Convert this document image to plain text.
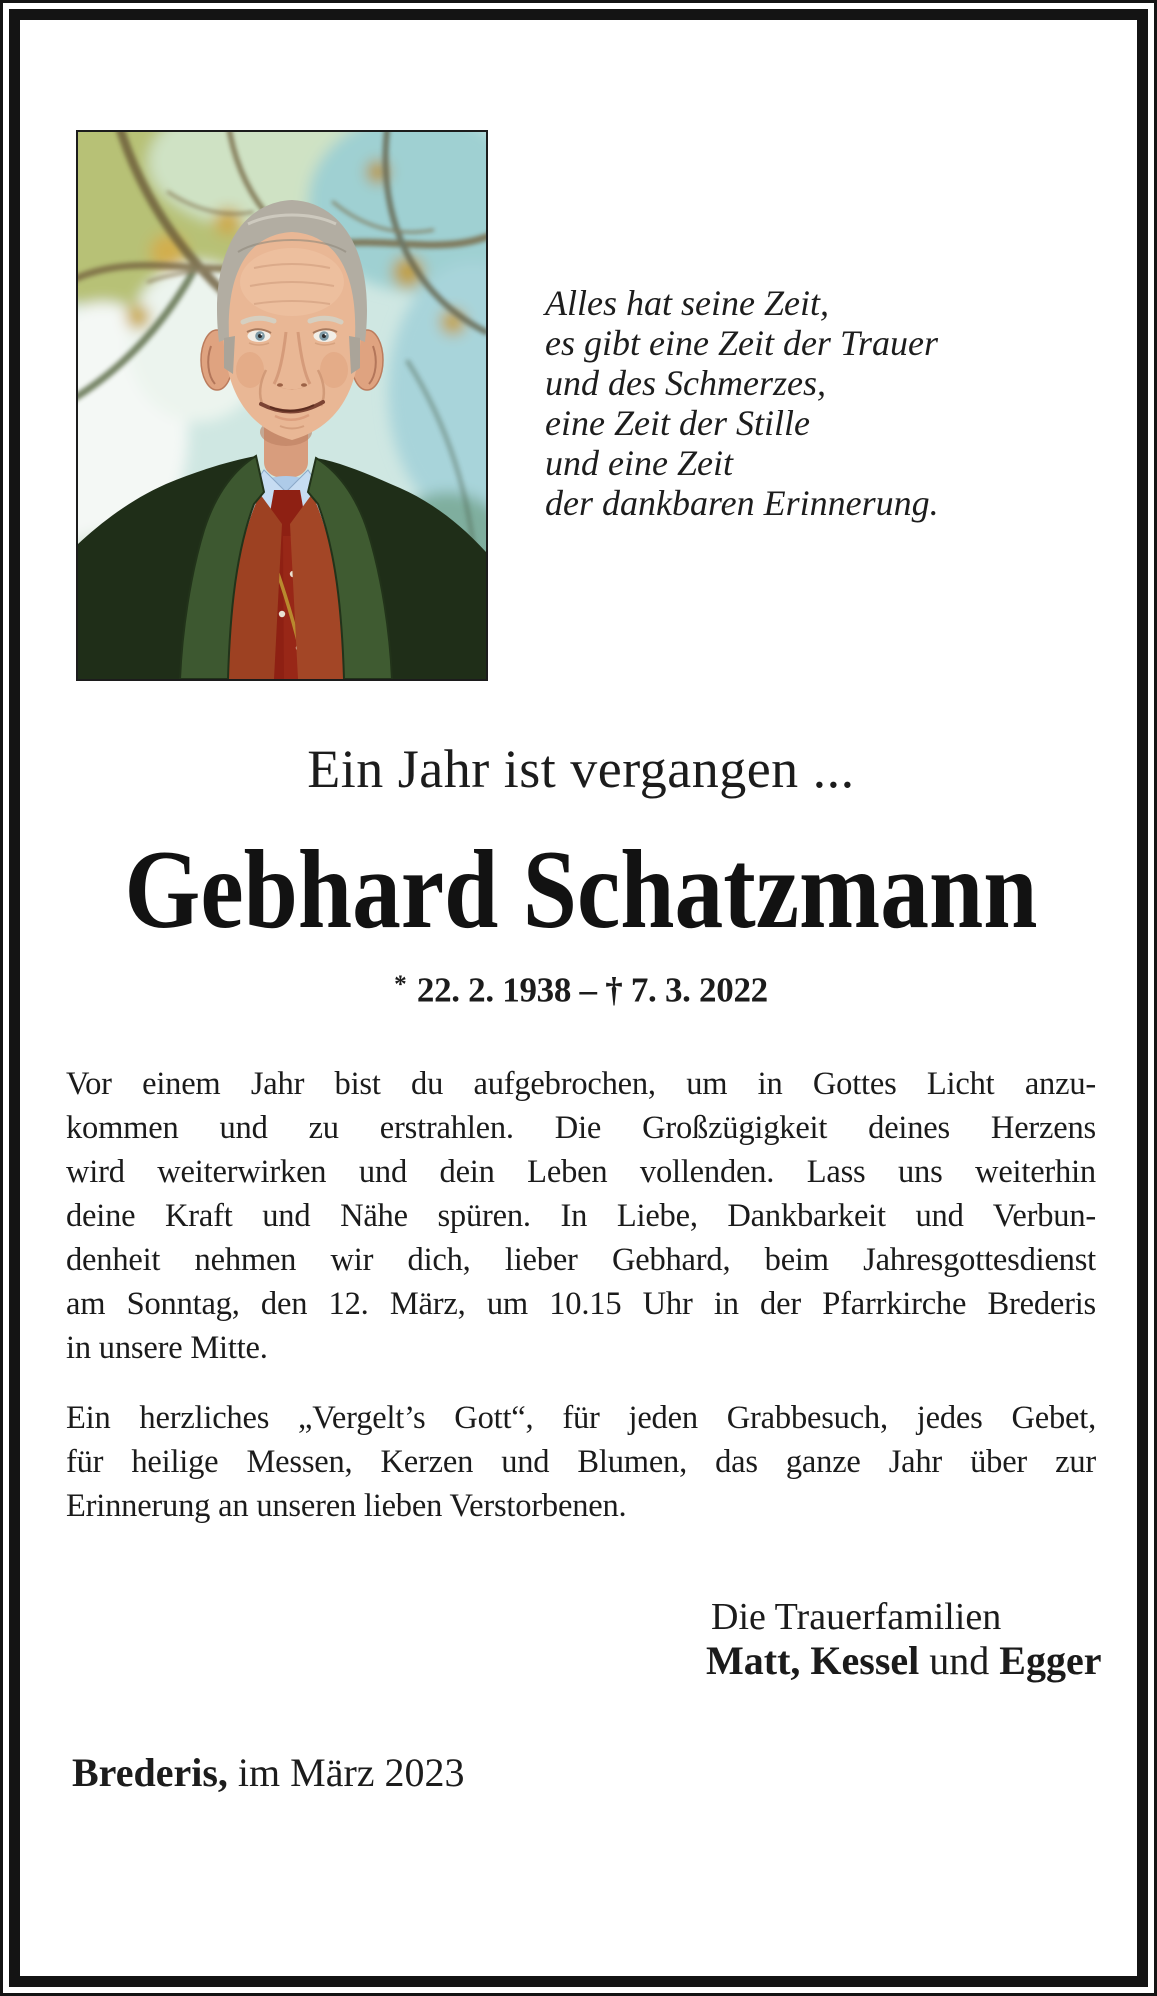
Alles hat seine Zeit,
es gibt eine Zeit der Trauer
und des Schmerzes,
eine Zeit der Stille
und eine Zeit
der dankbaren Erinnerung.
Ein Jahr ist vergangen ...
Gebhard Schatzmann
* 22. 2. 1938 – † 7. 3. 2022
Vor einem Jahr bist du aufgebrochen, um in Gottes Licht anzu-
kommen und zu erstrahlen. Die Großzügigkeit deines Herzens
wird weiterwirken und dein Leben vollenden. Lass uns weiterhin
deine Kraft und Nähe spüren. In Liebe, Dankbarkeit und Verbun-
denheit nehmen wir dich, lieber Gebhard, beim Jahresgottesdienst
am Sonntag, den 12. März, um 10.15 Uhr in der Pfarrkirche Brederis
in unsere Mitte.
Ein herzliches „Vergelt’s Gott“, für jeden Grabbesuch, jedes Gebet,
für heilige Messen, Kerzen und Blumen, das ganze Jahr über zur
Erinnerung an unseren lieben Verstorbenen.
Die Trauerfamilien
Matt, Kessel und Egger
Brederis, im März 2023
